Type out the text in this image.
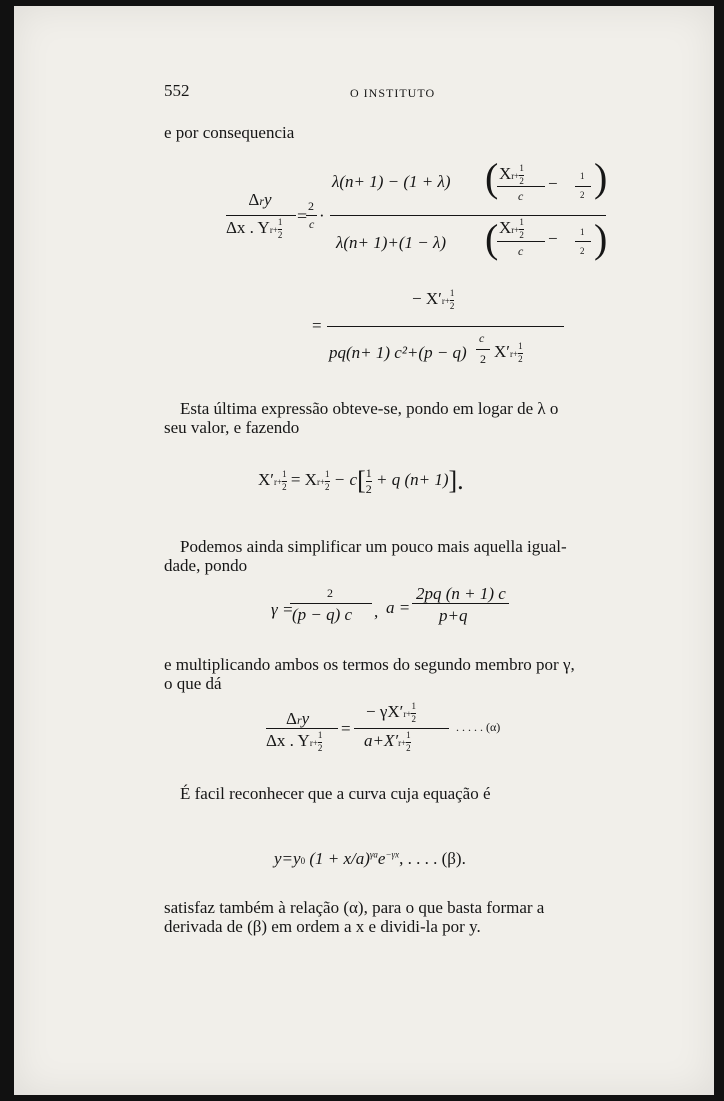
552	O INSTITUTO
e por consequencia
Δry
Δx . $Yr+ \frac{1}{2}$
= 2
c ·
λ(n+ 1) − (1 + λ) ( $Xr+ \frac{1}{2}$
c
− 1
2 )
λ(n+ 1)+(1 − λ) ( $Xr+ \frac{1}{2}$
c
− 1
2 )
− $X'r+ \frac{1}{2}$
=
pq(n+ 1) c²+(p − q)
c
2 $X'r+ \frac{1}{2}$
Esta última expressão obteve-se, pondo em logar de λ o
seu valor, e fazendo
$X'r+ \frac{1}{2} = Xr+ \frac{1}{2} - c[ \frac{1}{2} + q$ (n+ 1)].
Podemos ainda simplificar um pouco mais aquella igual-
dade, pondo
γ =
2
(p − q) c , a =
2pq (n + 1) c
p+q
e multiplicando ambos os termos do segundo membro por γ,
o que dá
Δry
Δx . $Yr+ \frac{1}{2}$
=
− $\gamma X'r+ \frac{1}{2}$
$a+X'r+ \frac{1}{2}$
. . . . . (α)
É facil reconhecer que a curva cuja equação é
y=y0 $(1 + x/a)^{\gamma a}e^{-\gamma x}$, . . . . (β).
satisfaz também à relação (α), para o que basta formar a
derivada de (β) em ordem a x e dividi-la por y.
